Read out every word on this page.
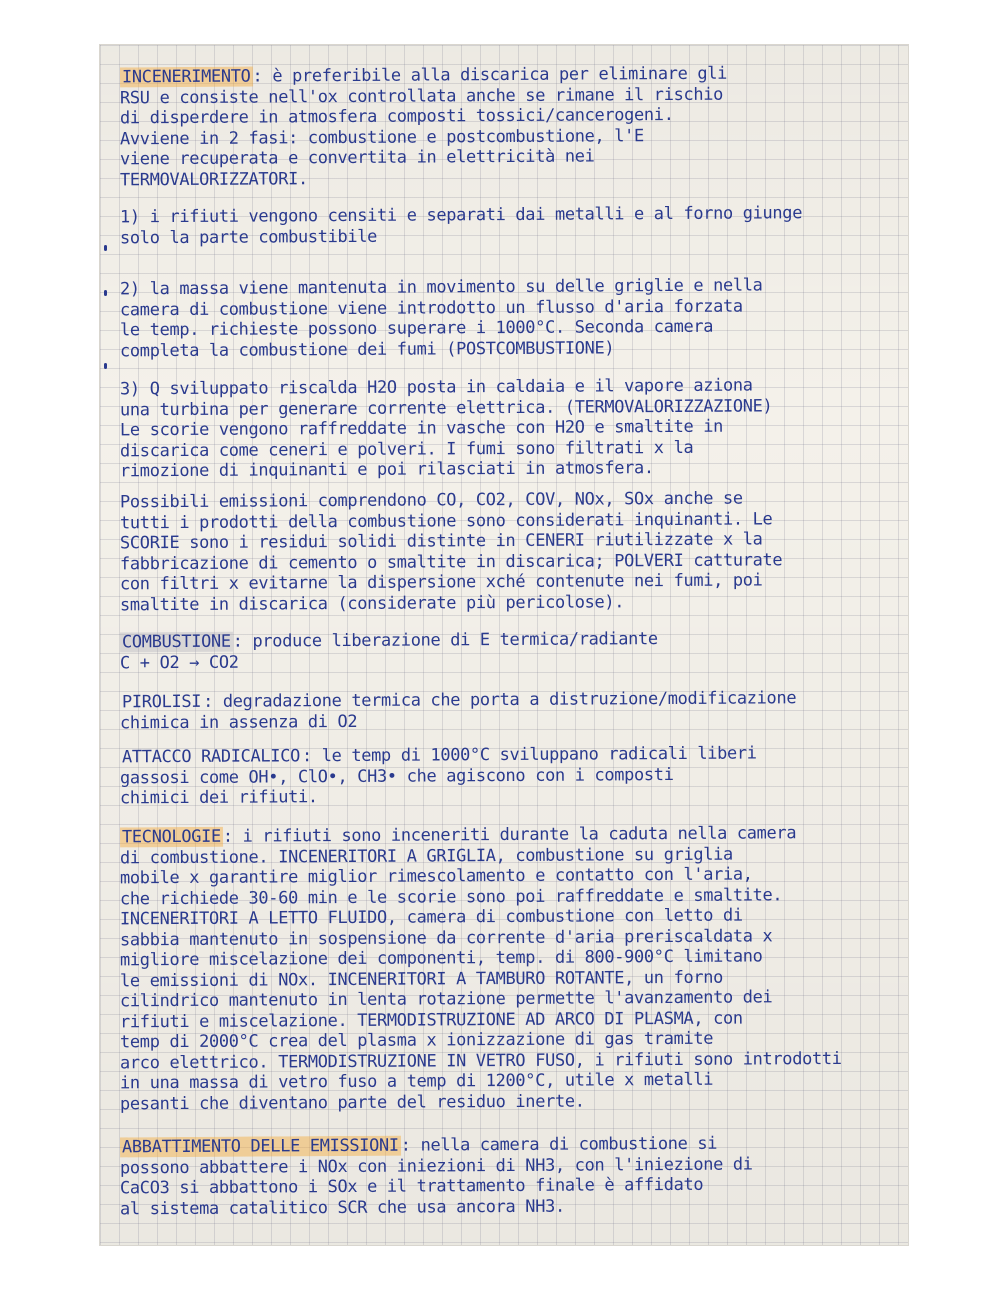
INCENERIMENTO : è preferibile alla discarica per eliminare gli
RSU e consiste nell'ox controllata anche se rimane il rischio
di disperdere in atmosfera composti tossici/cancerogeni.
Avviene in 2 fasi: combustione e postcombustione, l'E
viene recuperata e convertita in elettricità nei
TERMOVALORIZZATORI.
1) i rifiuti vengono censiti e separati dai metalli e al forno giunge
solo la parte combustibile
2) la massa viene mantenuta in movimento su delle griglie e nella
camera di combustione viene introdotto un flusso d'aria forzata
le temp. richieste possono superare i 1000°C. Seconda camera
completa la combustione dei fumi (POSTCOMBUSTIONE)
3) Q sviluppato riscalda H2O posta in caldaia e il vapore aziona
una turbina per generare corrente elettrica. (TERMOVALORIZZAZIONE)
Le scorie vengono raffreddate in vasche con H2O e smaltite in
discarica come ceneri e polveri. I fumi sono filtrati x la
rimozione di inquinanti e poi rilasciati in atmosfera.
Possibili emissioni comprendono CO, CO2, COV, NOx, SOx anche se
tutti i prodotti della combustione sono considerati inquinanti. Le
SCORIE sono i residui solidi distinte in CENERI riutilizzate x la
fabbricazione di cemento o smaltite in discarica; POLVERI catturate
con filtri x evitarne la dispersione xché contenute nei fumi, poi
smaltite in discarica (considerate più pericolose).
COMBUSTIONE : produce liberazione di E termica/radiante
C + O2 → CO2
PIROLISI : degradazione termica che porta a distruzione/modificazione
chimica in assenza di O2
ATTACCO RADICALICO : le temp di 1000°C sviluppano radicali liberi
gassosi come OH•, ClO•, CH3• che agiscono con i composti
chimici dei rifiuti.
TECNOLOGIE : i rifiuti sono inceneriti durante la caduta nella camera
di combustione. INCENERITORI A GRIGLIA, combustione su griglia
mobile x garantire miglior rimescolamento e contatto con l'aria,
che richiede 30-60 min e le scorie sono poi raffreddate e smaltite.
INCENERITORI A LETTO FLUIDO, camera di combustione con letto di
sabbia mantenuto in sospensione da corrente d'aria preriscaldata x
migliore miscelazione dei componenti, temp. di 800-900°C limitano
le emissioni di NOx. INCENERITORI A TAMBURO ROTANTE, un forno
cilindrico mantenuto in lenta rotazione permette l'avanzamento dei
rifiuti e miscelazione. TERMODISTRUZIONE AD ARCO DI PLASMA, con
temp di 2000°C crea del plasma x ionizzazione di gas tramite
arco elettrico. TERMODISTRUZIONE IN VETRO FUSO, i rifiuti sono introdotti
in una massa di vetro fuso a temp di 1200°C, utile x metalli
pesanti che diventano parte del residuo inerte.
ABBATTIMENTO DELLE EMISSIONI : nella camera di combustione si
possono abbattere i NOx con iniezioni di NH3, con l'iniezione di
CaCO3 si abbattono i SOx e il trattamento finale è affidato
al sistema catalitico SCR che usa ancora NH3.
